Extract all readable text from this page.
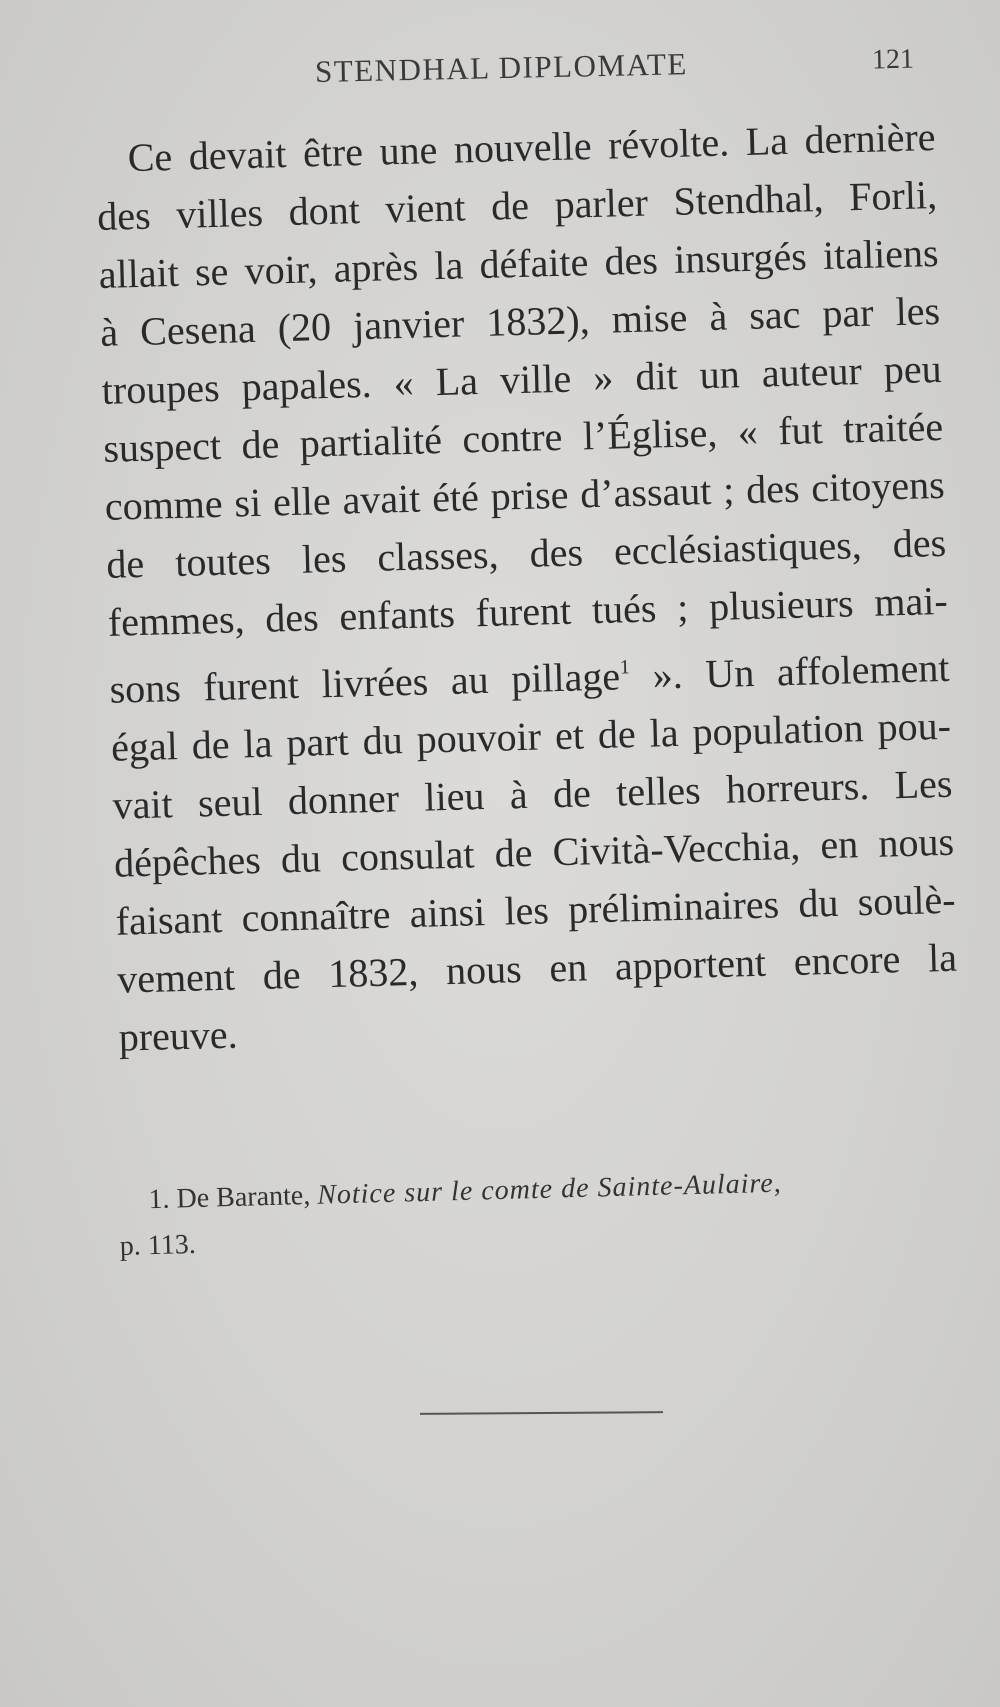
STENDHAL DIPLOMATE	121
Ce devait être une nouvelle révolte. La dernière
des villes dont vient de parler Stendhal, Forli,
allait se voir, après la défaite des insurgés italiens
à Cesena (20 janvier 1832), mise à sac par les
troupes papales. « La ville » dit un auteur peu
suspect de partialité contre l’Église, « fut traitée
comme si elle avait été prise d’assaut ; des citoyens
de toutes les classes, des ecclésiastiques, des
femmes, des enfants furent tués ; plusieurs mai-
sons furent livrées au pillage$^1$ ». Un affolement
égal de la part du pouvoir et de la population pou-
vait seul donner lieu à de telles horreurs. Les
dépêches du consulat de Cività-Vecchia, en nous
faisant connaître ainsi les préliminaires du soulè-
vement de 1832, nous en apportent encore la
preuve.
1. De Barante, Notice sur le comte de Sainte-Aulaire,
p. 113.
